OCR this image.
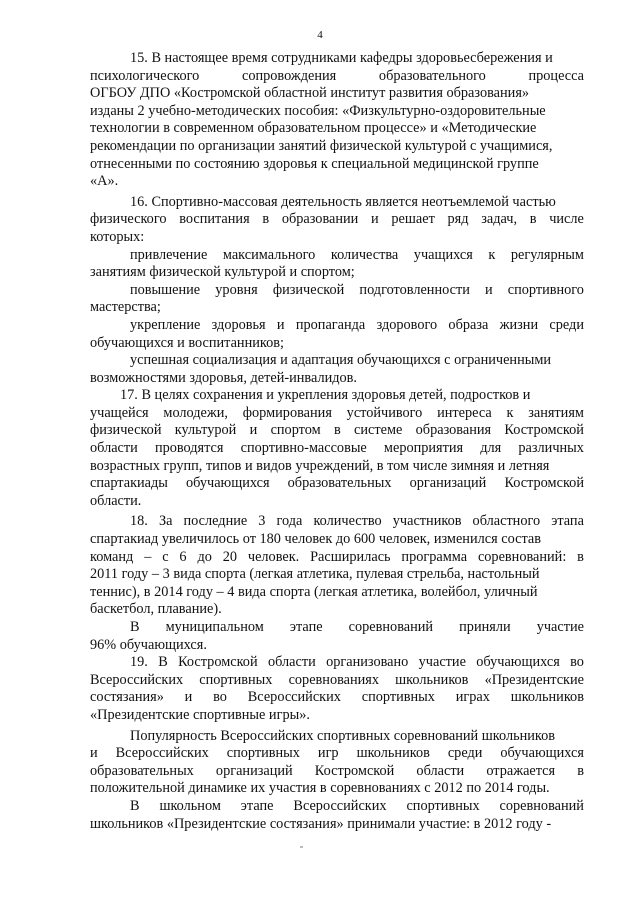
4
15. В настоящее время сотрудниками кафедры здоровьесбережения и
психологического	сопровождения	образовательного	процесса
ОГБОУ ДПО «Костромской областной институт развития образования»
изданы 2 учебно-методических пособия: «Физкультурно-оздоровительные
технологии в современном образовательном процессе» и «Методические
рекомендации по организации занятий физической культурой с учащимися,
отнесенными по состоянию здоровья к специальной медицинской группе
«А».
16. Спортивно-массовая деятельность является неотъемлемой частью
физического воспитания в образовании и решает ряд задач, в числе
которых:
привлечение максимального количества учащихся к регулярным
занятиям физической культурой и спортом;
повышение уровня физической подготовленности и спортивного
мастерства;
укрепление здоровья и пропаганда здорового образа жизни среди
обучающихся и воспитанников;
успешная социализация и адаптация обучающихся с ограниченными
возможностями здоровья, детей-инвалидов.
17. В целях сохранения и укрепления здоровья детей, подростков и
учащейся молодежи, формирования устойчивого интереса к занятиям
физической культурой и спортом в системе образования Костромской
области проводятся спортивно-массовые мероприятия для различных
возрастных групп, типов и видов учреждений, в том числе зимняя и летняя
спартакиады обучающихся образовательных организаций Костромской
области.
18. За последние 3 года количество участников областного этапа
спартакиад увеличилось от 180 человек до 600 человек, изменился состав
команд – с 6 до 20 человек. Расширилась программа соревнований: в
2011 году – 3 вида спорта (легкая атлетика, пулевая стрельба, настольный
теннис), в 2014 году – 4 вида спорта (легкая атлетика, волейбол, уличный
баскетбол, плавание).
В муниципальном этапе соревнований приняли участие
96% обучающихся.
19. В Костромской области организовано участие обучающихся во
Всероссийских спортивных соревнованиях школьников «Президентские
состязания» и во Всероссийских спортивных играх школьников
«Президентские спортивные игры».
Популярность Всероссийских спортивных соревнований школьников
и Всероссийских спортивных игр школьников среди обучающихся
образовательных организаций Костромской области отражается в
положительной динамике их участия в соревнованиях с 2012 по 2014 годы.
В школьном этапе Всероссийских спортивных соревнований
школьников «Президентские состязания» принимали участие: в 2012 году -
